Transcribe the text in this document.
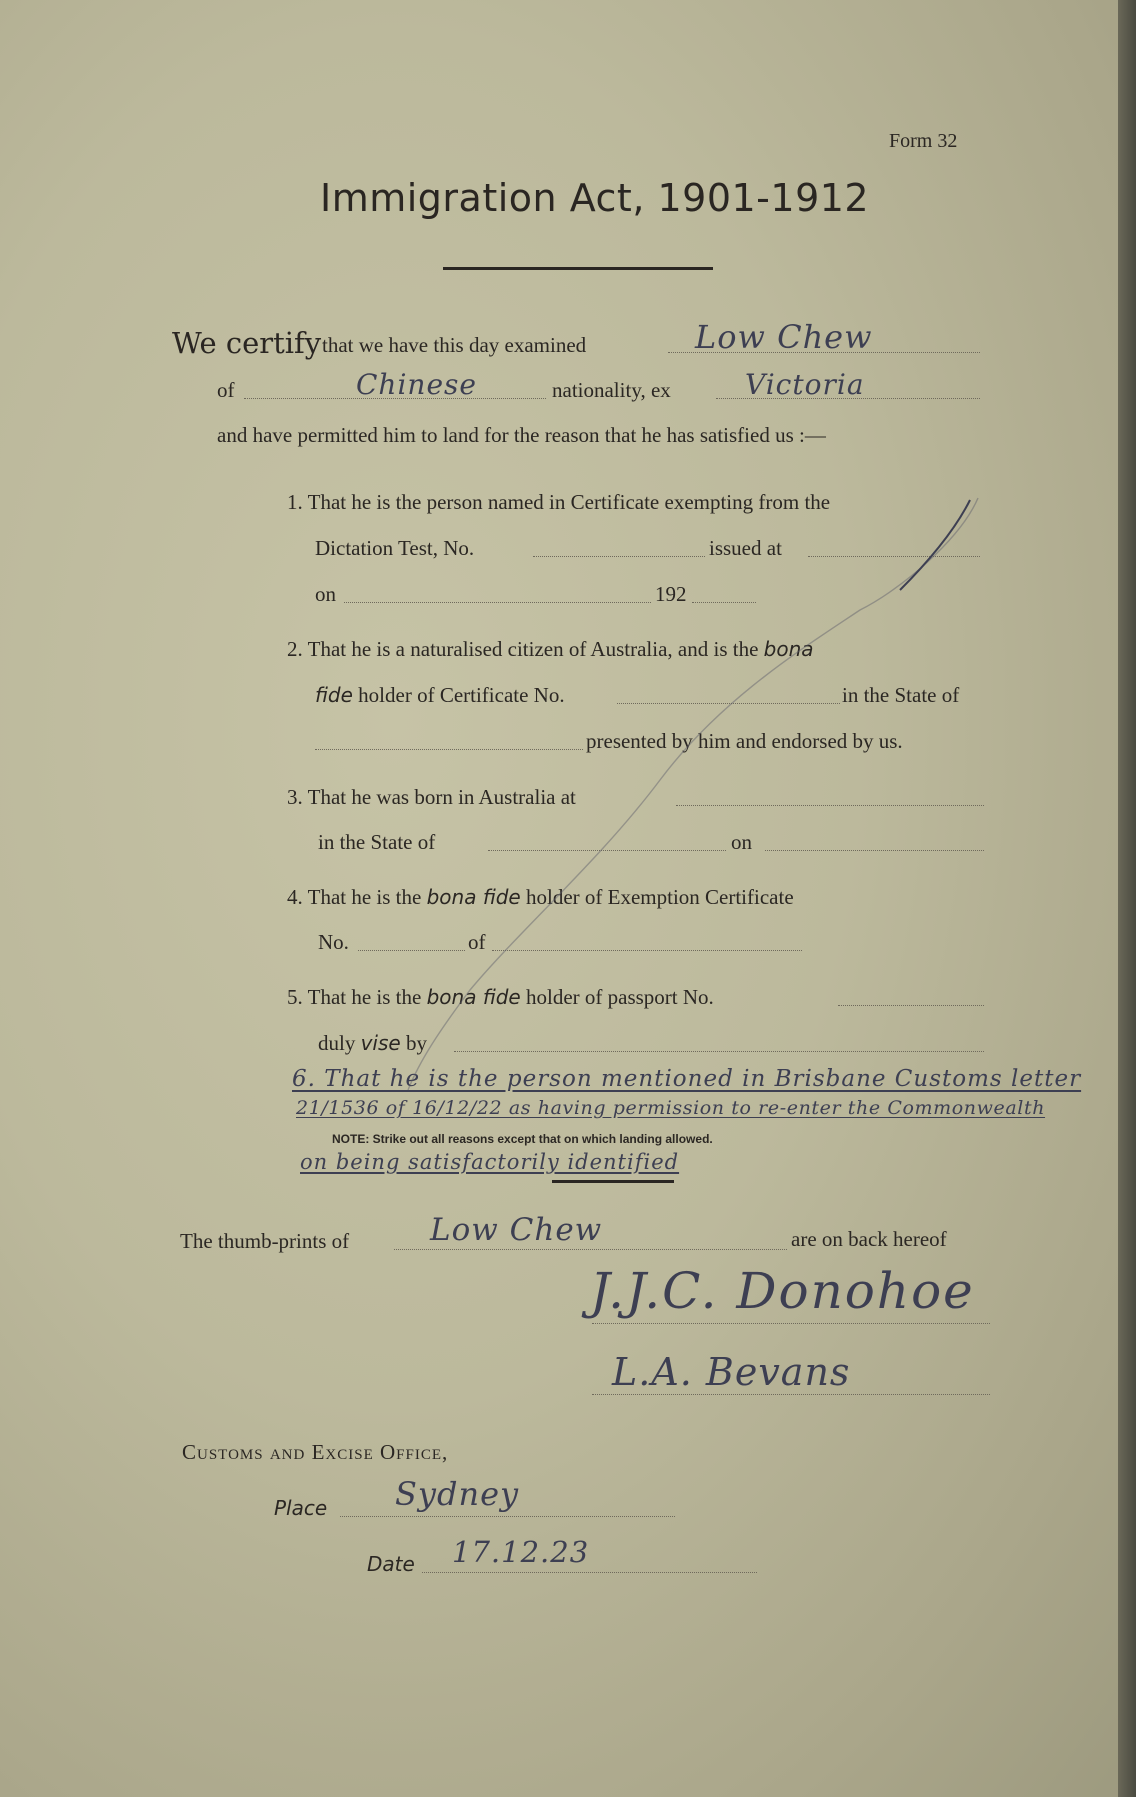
Form 32
Immigration Act, 1901-1912
We certify that we have this day examined	Low Chew
of	Chinese	nationality, ex	Victoria
and have permitted him to land for the reason that he has satisfied us :—
1. That he is the person named in Certificate exempting from the
Dictation Test, No.	issued at
on	192
2. That he is a naturalised citizen of Australia, and is the bona
fide holder of Certificate No.	in the State of
presented by him and endorsed by us.
3. That he was born in Australia at
in the State of	on
4. That he is the bona fide holder of Exemption Certificate
No.	of
5. That he is the bona fide holder of passport No.
duly vise by
6. That he is the person mentioned in Brisbane Customs letter
21/1536 of 16/12/22 as having permission to re-enter the Commonwealth
NOTE: Strike out all reasons except that on which landing allowed.
on being satisfactorily identified
The thumb-prints of	Low Chew	are on back hereof
J.J.C. Donohoe
L.A. Bevans
Customs and Excise Office,
Place Sydney
Date 17.12.23
